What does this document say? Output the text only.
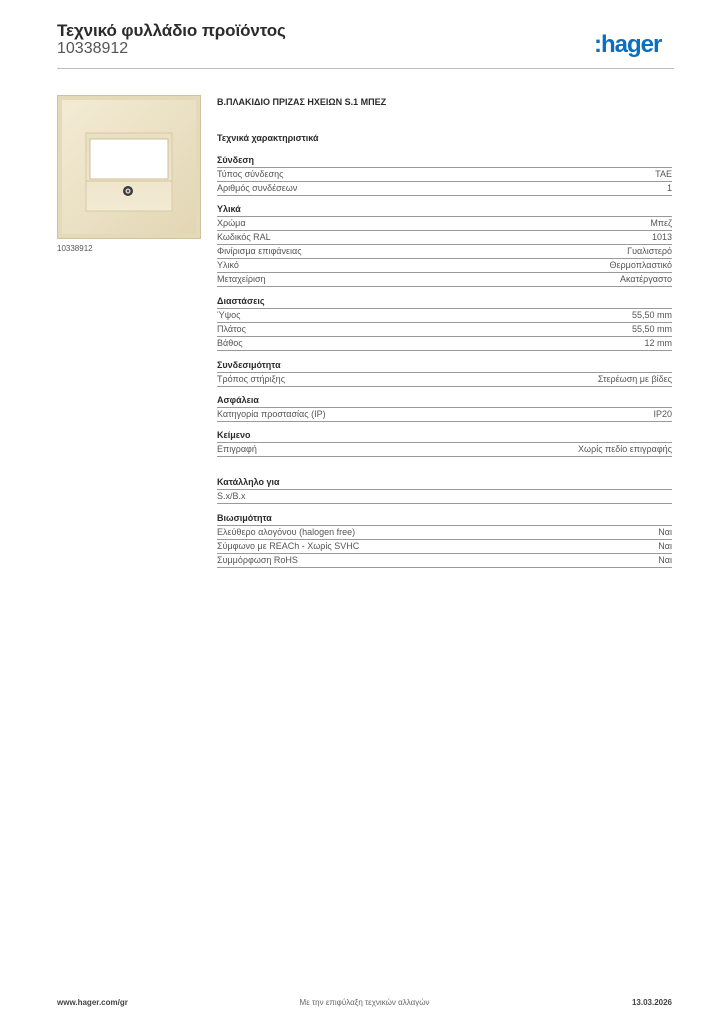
Τεχνικό φυλλάδιο προϊόντος
10338912	:hager
10338912
Β.ΠΛΑΚΙΔΙΟ ΠΡΙΖΑΣ ΗΧΕΙΩΝ S.1 ΜΠΕΖ
Τεχνικά χαρακτηριστικά
Σύνδεση
Τύπος σύνδεσης	TAE
Αριθμός συνδέσεων	1
Υλικά
Χρώμα	Μπεζ
Κωδικός RAL	1013
Φινίρισμα επιφάνειας	Γυαλιστερό
Υλικό	Θερμοπλαστικό
Μεταχείριση	Ακατέργαστο
Διαστάσεις
Ύψος	55,50 mm
Πλάτος	55,50 mm
Βάθος	12 mm
Συνδεσιμότητα
Τρόπος στήριξης	Στερέωση με βίδες
Ασφάλεια
Κατηγορία προστασίας (IP)	IP20
Κείμενο
Επιγραφή	Χωρίς πεδίο επιγραφής
Κατάλληλο για
S.x/B.x
Βιωσιμότητα
Ελεύθερο αλογόνου (halogen free)	Ναι
Σύμφωνο με REACh - Χωρίς SVHC	Ναι
Συμμόρφωση RoHS	Ναι
www.hager.com/gr	Με την επιφύλαξη τεχνικών αλλαγών	13.03.2026
